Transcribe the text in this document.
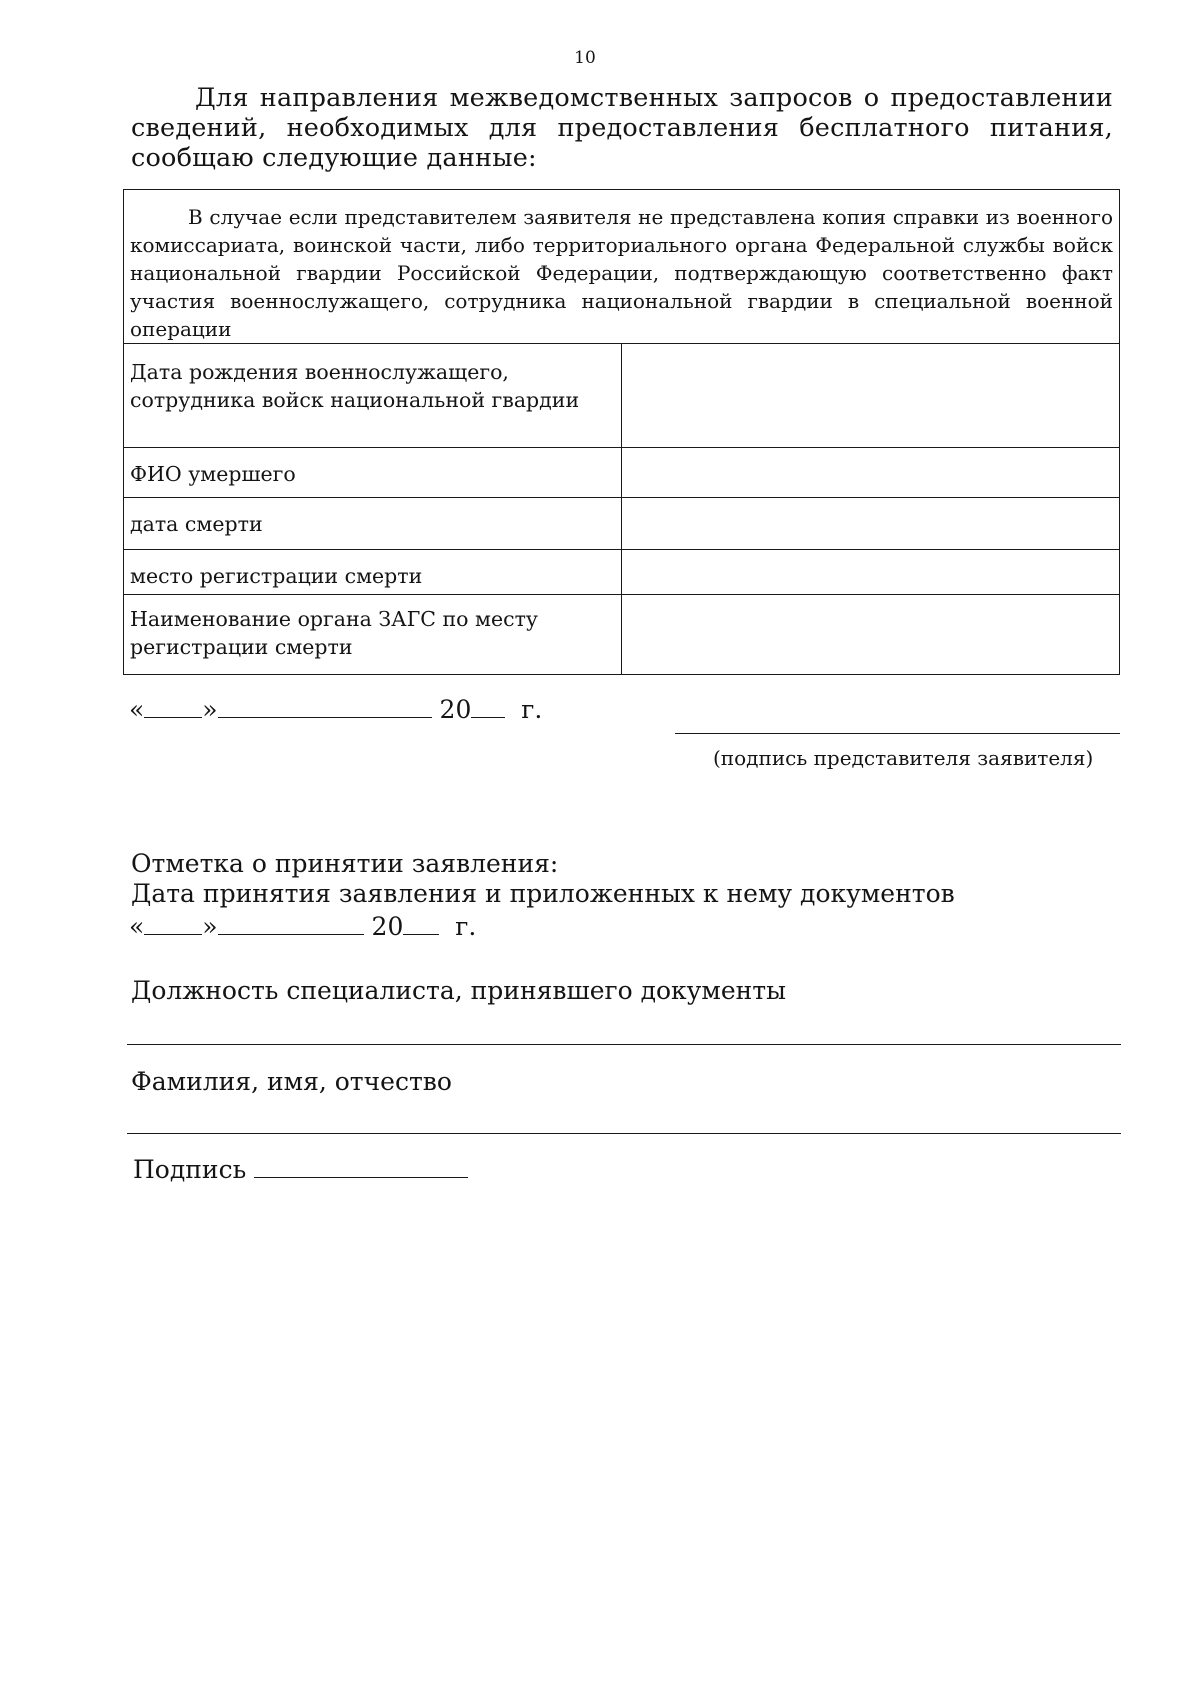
10

Для направления межведомственных запросов о предоставлении сведений, необходимых для предоставления бесплатного питания, сообщаю следующие данные:

В случае если представителем заявителя не представлена копия справки из военного комиссариата, воинской части, либо территориального органа Федеральной службы войск национальной гвардии Российской Федерации, подтверждающую соответственно факт участия военнослужащего, сотрудника национальной гвардии в специальной военной операции	

Дата рождения военнослужащего, сотрудника войск национальной гвардии	
ФИО умершего	
дата смерти	
место регистрации смерти	
Наименование органа ЗАГС по месту регистрации смерти	
« »	20 г.
(подпись представителя заявителя)
Отметка о принятии заявления:
Дата принятия заявления и приложенных к нему документов
« »	20 г.
Должность специалиста, принявшего документы
Фамилия, имя, отчество
Подпись
